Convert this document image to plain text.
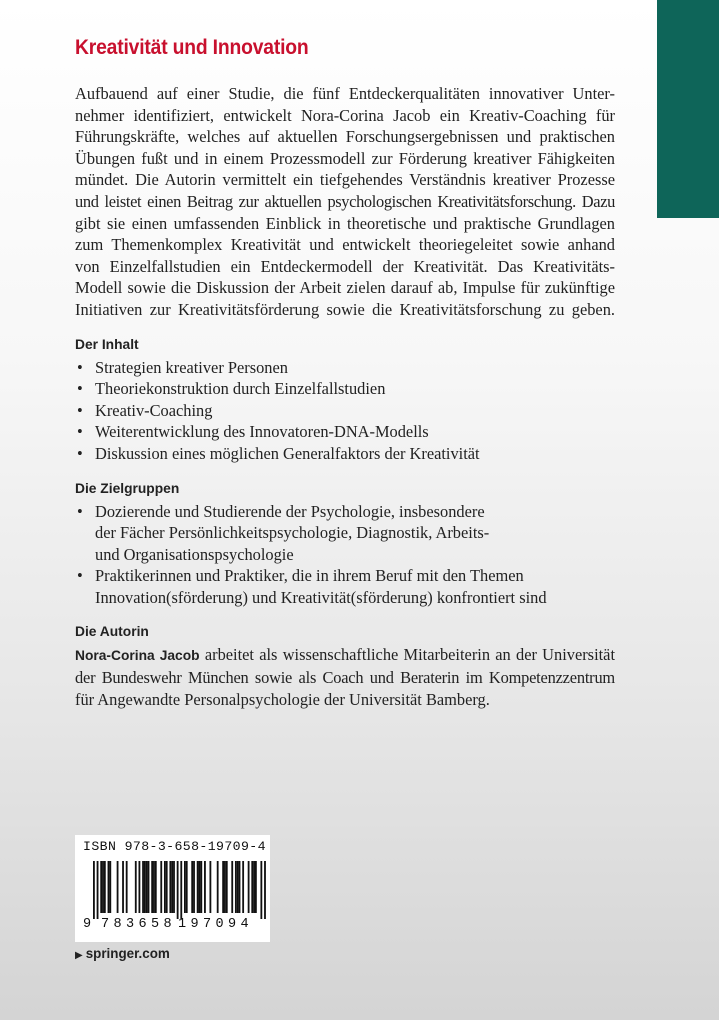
Kreativität und Innovation

Aufbauend auf einer Studie, die fünf Entdeckerqualitäten innovativer Unter-
nehmer identifiziert, entwickelt Nora-Corina Jacob ein Kreativ-Coaching für
Führungskräfte, welches auf aktuellen Forschungsergebnissen und praktischen
Übungen fußt und in einem Prozessmodell zur Förderung kreativer Fähigkeiten
mündet. Die Autorin vermittelt ein tiefgehendes Verständnis kreativer Prozesse
und leistet einen Beitrag zur aktuellen psychologischen Kreativitätsforschung. Dazu
gibt sie einen umfassenden Einblick in theoretische und praktische Grundlagen
zum Themenkomplex Kreativität und entwickelt theoriegeleitet sowie anhand
von Einzelfallstudien ein Entdeckermodell der Kreativität. Das Kreativitäts-
Modell sowie die Diskussion der Arbeit zielen darauf ab, Impulse für zukünftige
Initiativen zur Kreativitätsförderung sowie die Kreativitätsforschung zu geben.

Der Inhalt
• Strategien kreativer Personen
• Theoriekonstruktion durch Einzelfallstudien
• Kreativ-Coaching
• Weiterentwicklung des Innovatoren-DNA-Modells
• Diskussion eines möglichen Generalfaktors der Kreativität
Die Zielgruppen
• Dozierende und Studierende der Psychologie, insbesondere
der Fächer Persönlichkeitspsychologie, Diagnostik, Arbeits-
und Organisationspsychologie
• Praktikerinnen und Praktiker, die in ihrem Beruf mit den Themen
Innovation(sförderung) und Kreativität(sförderung) konfrontiert sind
Die Autorin

Nora-Corina Jacob arbeitet als wissenschaftliche Mitarbeiterin an der Universität
der Bundeswehr München sowie als Coach und Beraterin im Kompetenzzentrum
für Angewandte Personalpsychologie der Universität Bamberg.

ISBN 978-3-658-19709-4
9 783658 197094
▶ springer.com
